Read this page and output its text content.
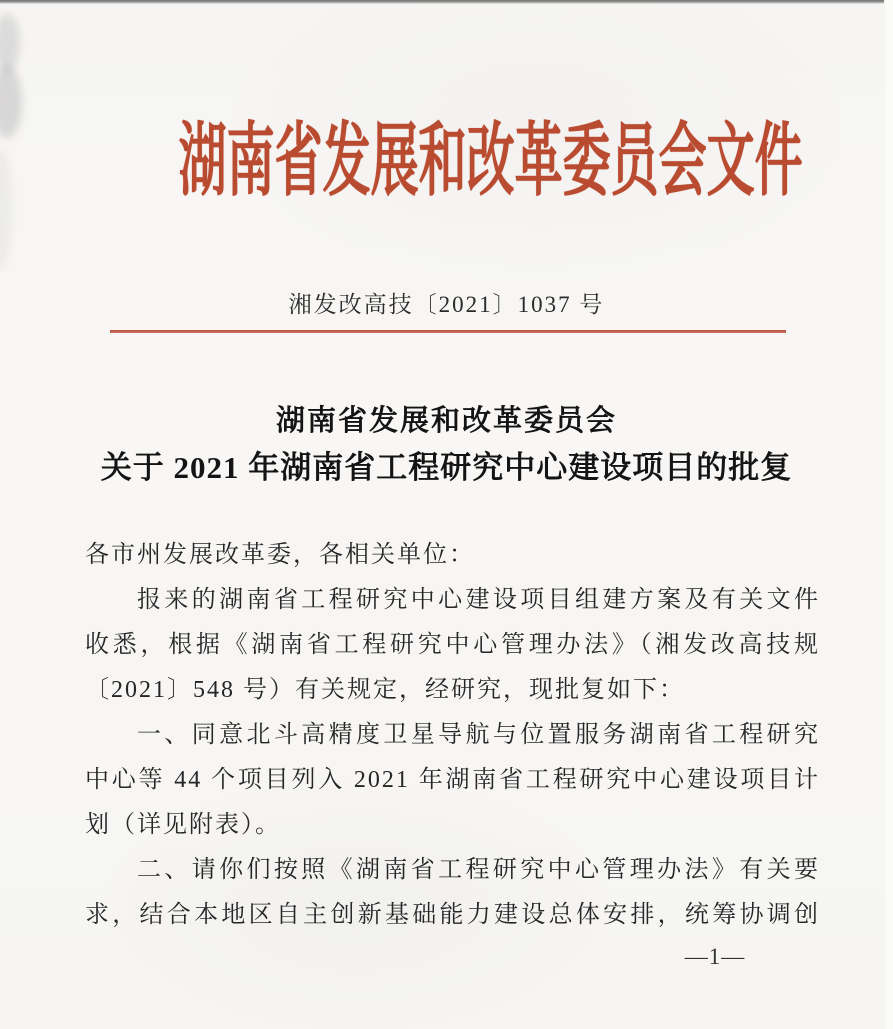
湖南省发展和改革委员会文件
湘发改高技〔2021〕1037 号
湖南省发展和改革委员会
关于 2021 年湖南省工程研究中心建设项目的批复
各市州发展改革委，各相关单位：
报来的湖南省工程研究中心建设项目组建方案及有关文件
收悉，根据《湖南省工程研究中心管理办法》（湘发改高技规
〔2021〕548 号）有关规定，经研究，现批复如下：
一、同意北斗高精度卫星导航与位置服务湖南省工程研究
中心等 44 个项目列入 2021 年湖南省工程研究中心建设项目计
划（详见附表）。
二、请你们按照《湖南省工程研究中心管理办法》有关要
求，结合本地区自主创新基础能力建设总体安排，统筹协调创
—1—
